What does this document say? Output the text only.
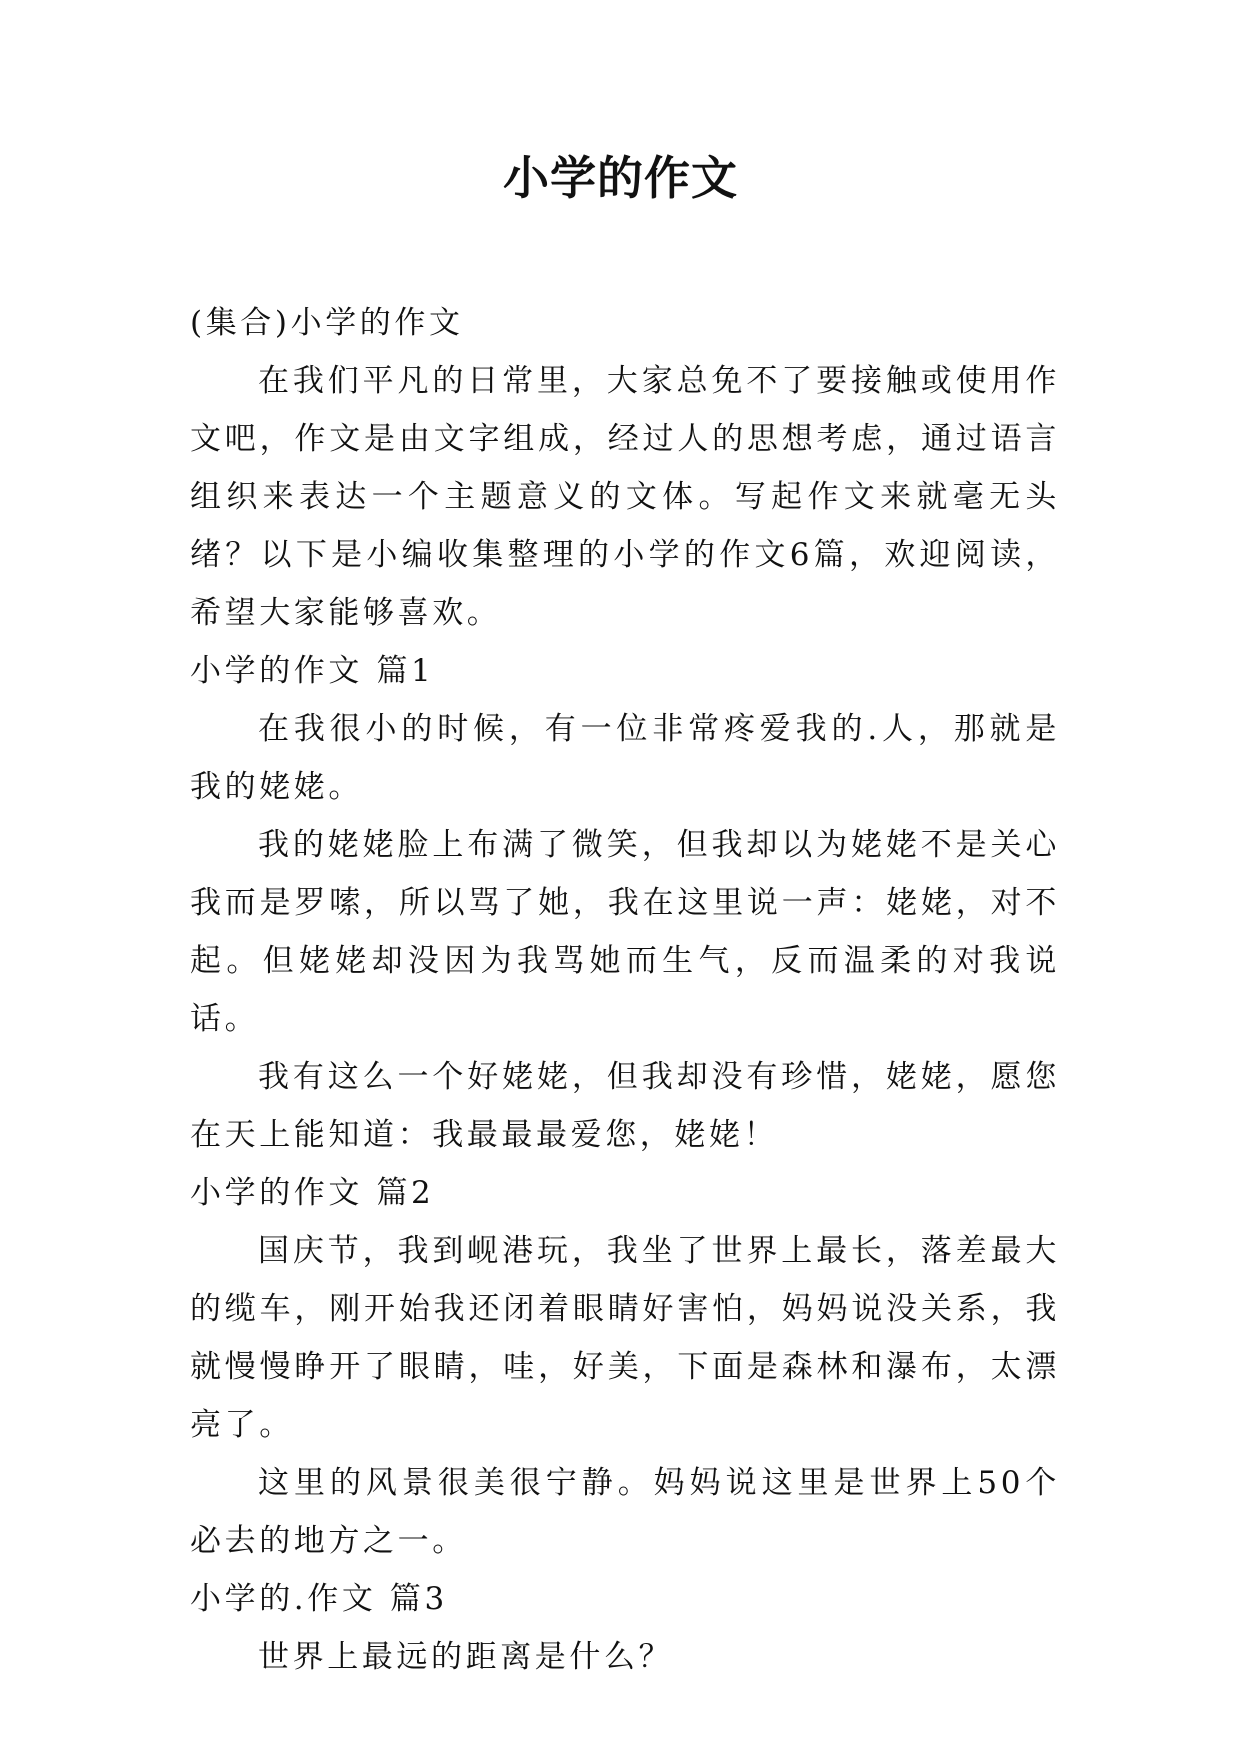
小学的作文

(集合)小学的作文

在我们平凡的日常里，大家总免不了要接触或使用作文吧，作文是由文字组成，经过人的思想考虑，通过语言组织来表达一个主题意义的文体。写起作文来就毫无头绪？以下是小编收集整理的小学的作文6篇，欢迎阅读，希望大家能够喜欢。

小学的作文 篇1

在我很小的时候，有一位非常疼爱我的.人，那就是我的姥姥。

我的姥姥脸上布满了微笑，但我却以为姥姥不是关心我而是罗嗦，所以骂了她，我在这里说一声：姥姥，对不起。但姥姥却没因为我骂她而生气，反而温柔的对我说话。

我有这么一个好姥姥，但我却没有珍惜，姥姥，愿您在天上能知道：我最最最爱您，姥姥！

小学的作文 篇2

国庆节，我到岘港玩，我坐了世界上最长，落差最大的缆车，刚开始我还闭着眼睛好害怕，妈妈说没关系，我就慢慢睁开了眼睛，哇，好美，下面是森林和瀑布，太漂亮了。

这里的风景很美很宁静。妈妈说这里是世界上50个必去的地方之一。

小学的.作文 篇3

世界上最远的距离是什么？
